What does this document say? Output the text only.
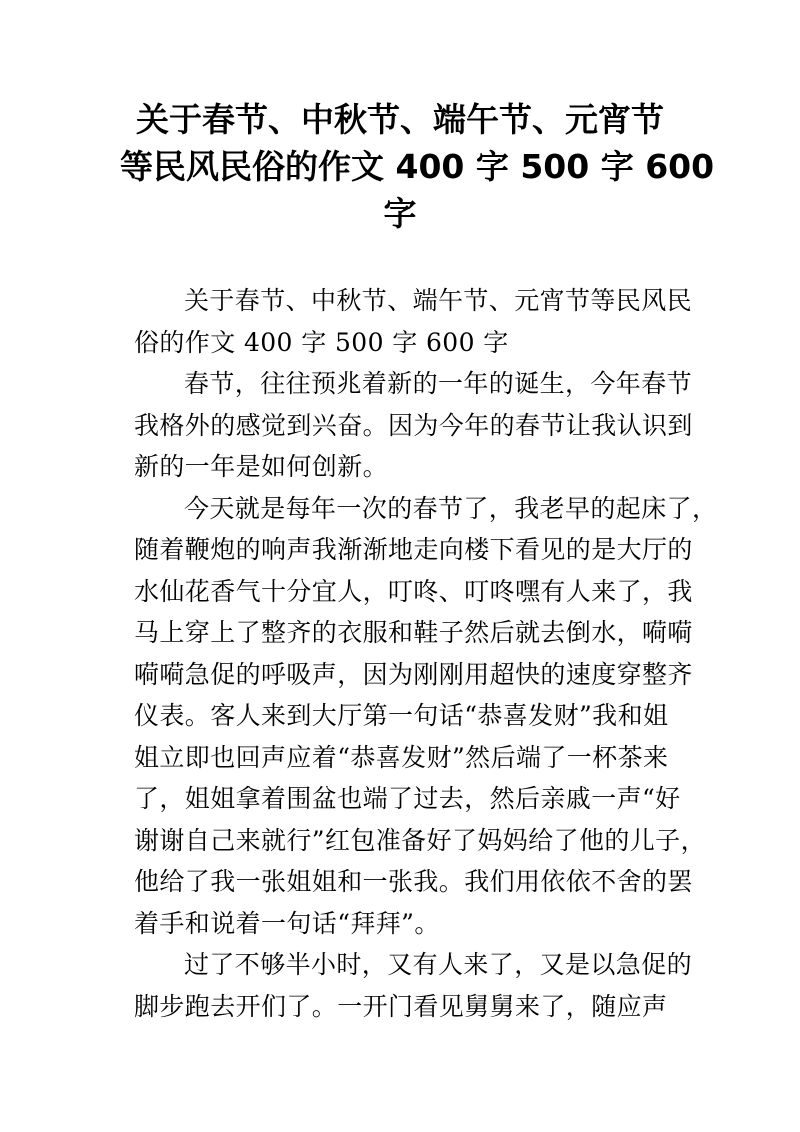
关于春节、中秋节、端午节、元宵节
等民风民俗的作文 400 字 500 字 600
字

关于春节、中秋节、端午节、元宵节等民风民
俗的作文 400 字 500 字 600 字

春节，往往预兆着新的一年的诞生，今年春节
我格外的感觉到兴奋。因为今年的春节让我认识到
新的一年是如何创新。

今天就是每年一次的春节了，我老早的起床了，
随着鞭炮的响声我渐渐地走向楼下看见的是大厅的
水仙花香气十分宜人，叮咚、叮咚嘿有人来了，我
马上穿上了整齐的衣服和鞋子然后就去倒水，嗬嗬
嗬嗬急促的呼吸声，因为刚刚用超快的速度穿整齐
仪表。客人来到大厅第一句话“恭喜发财”我和姐
姐立即也回声应着“恭喜发财”然后端了一杯茶来
了，姐姐拿着围盆也端了过去，然后亲戚一声“好
谢谢自己来就行”红包准备好了妈妈给了他的儿子，
他给了我一张姐姐和一张我。我们用依依不舍的罢
着手和说着一句话“拜拜”。

过了不够半小时，又有人来了，又是以急促的
脚步跑去开们了。一开门看见舅舅来了，随应声
